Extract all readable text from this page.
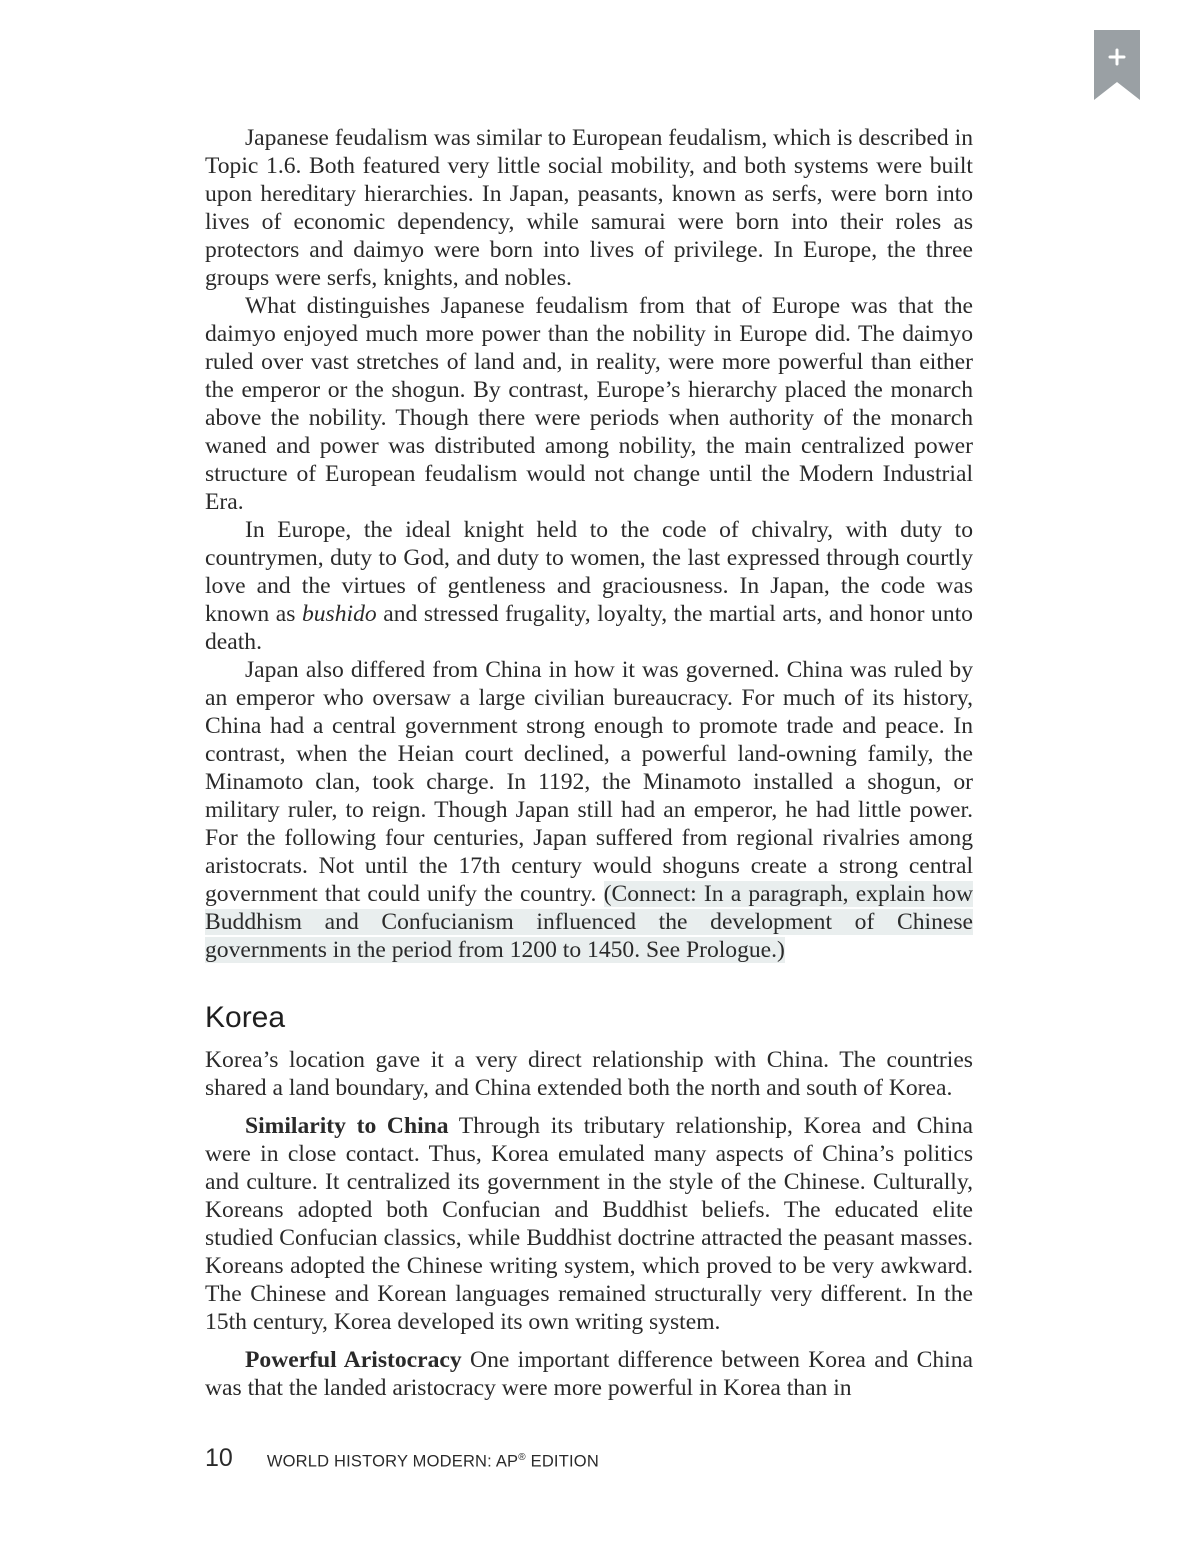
Japanese feudalism was similar to European feudalism, which is described in Topic 1.6. Both featured very little social mobility, and both systems were built upon hereditary hierarchies. In Japan, peasants, known as serfs, were born into lives of economic dependency, while samurai were born into their roles as protectors and daimyo were born into lives of privilege. In Europe, the three groups were serfs, knights, and nobles.

What distinguishes Japanese feudalism from that of Europe was that the daimyo enjoyed much more power than the nobility in Europe did. The daimyo ruled over vast stretches of land and, in reality, were more powerful than either the emperor or the shogun. By contrast, Europe’s hierarchy placed the monarch above the nobility. Though there were periods when authority of the monarch waned and power was distributed among nobility, the main centralized power structure of European feudalism would not change until the Modern Industrial Era.

In Europe, the ideal knight held to the code of chivalry, with duty to countrymen, duty to God, and duty to women, the last expressed through courtly love and the virtues of gentleness and graciousness. In Japan, the code was known as bushido and stressed frugality, loyalty, the martial arts, and honor unto death.

Japan also differed from China in how it was governed. China was ruled by an emperor who oversaw a large civilian bureaucracy. For much of its history, China had a central government strong enough to promote trade and peace. In contrast, when the Heian court declined, a powerful land-owning family, the Minamoto clan, took charge. In 1192, the Minamoto installed a shogun, or military ruler, to reign. Though Japan still had an emperor, he had little power. For the following four centuries, Japan suffered from regional rivalries among aristocrats. Not until the 17th century would shoguns create a strong central government that could unify the country. (Connect: In a paragraph, explain how Buddhism and Confucianism influenced the development of Chinese governments in the period from 1200 to 1450. See Prologue.)

Korea

Korea’s location gave it a very direct relationship with China. The countries shared a land boundary, and China extended both the north and south of Korea.

Similarity to China Through its tributary relationship, Korea and China were in close contact. Thus, Korea emulated many aspects of China’s politics and culture. It centralized its government in the style of the Chinese. Culturally, Koreans adopted both Confucian and Buddhist beliefs. The educated elite studied Confucian classics, while Buddhist doctrine attracted the peasant masses. Koreans adopted the Chinese writing system, which proved to be very awkward. The Chinese and Korean languages remained structurally very different. In the 15th century, Korea developed its own writing system.

Powerful Aristocracy One important difference between Korea and China was that the landed aristocracy were more powerful in Korea than in

10 WORLD HISTORY MODERN: AP® EDITION
